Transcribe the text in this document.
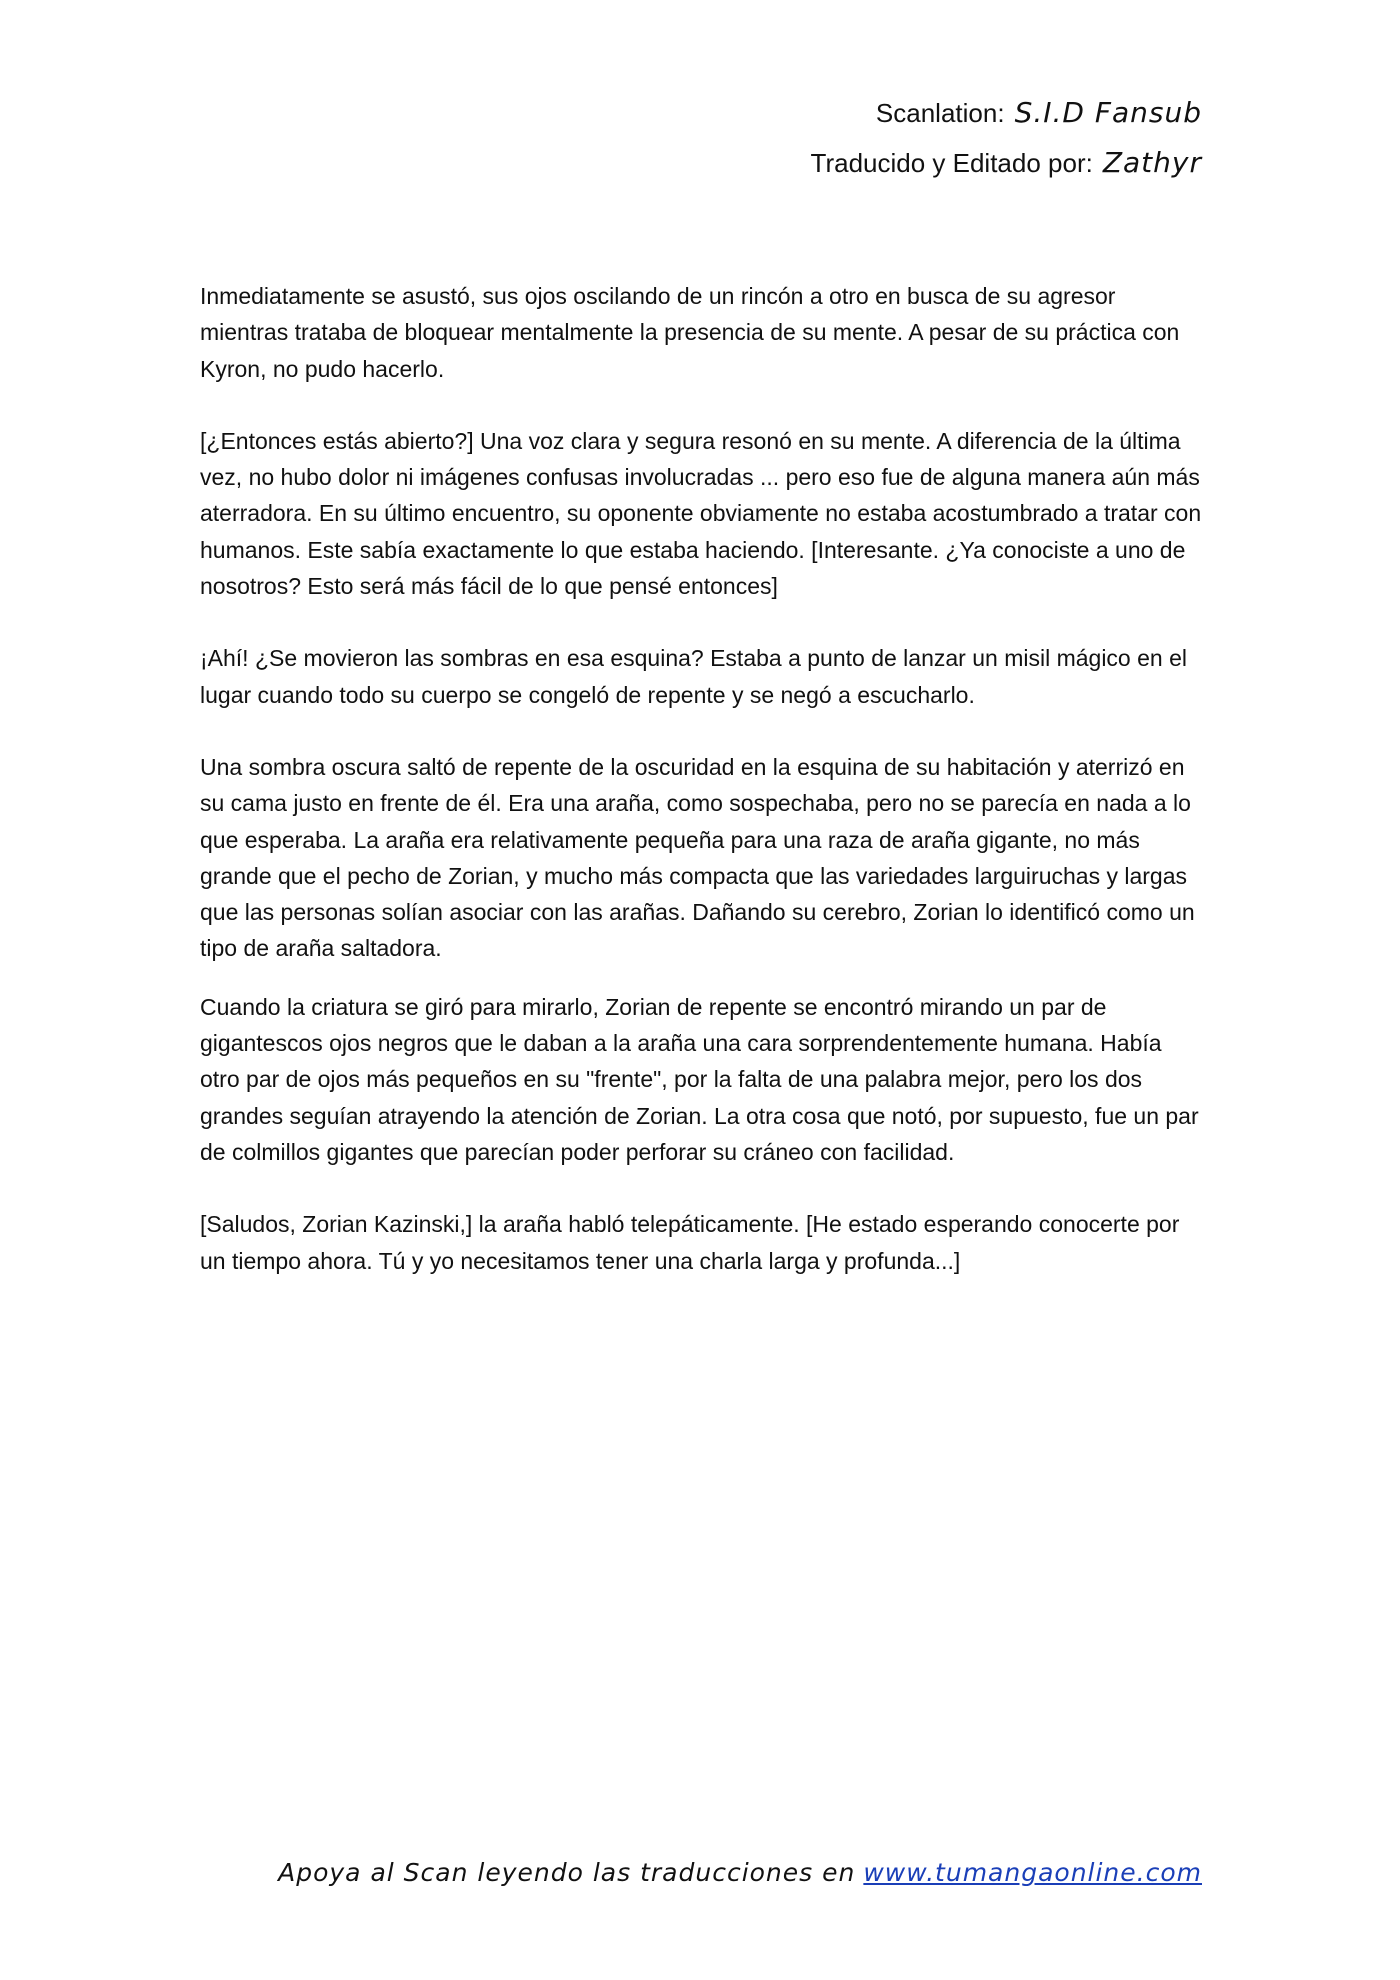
Scanlation: S.I.D Fansub
Traducido y Editado por: Zathyr

Inmediatamente se asustó, sus ojos oscilando de un rincón a otro en busca de su agresor mientras trataba de bloquear mentalmente la presencia de su mente. A pesar de su práctica con Kyron, no pudo hacerlo.

[¿Entonces estás abierto?] Una voz clara y segura resonó en su mente. A diferencia de la última vez, no hubo dolor ni imágenes confusas involucradas ... pero eso fue de alguna manera aún más aterradora. En su último encuentro, su oponente obviamente no estaba acostumbrado a tratar con humanos. Este sabía exactamente lo que estaba haciendo. [Interesante. ¿Ya conociste a uno de nosotros? Esto será más fácil de lo que pensé entonces]

¡Ahí! ¿Se movieron las sombras en esa esquina? Estaba a punto de lanzar un misil mágico en el lugar cuando todo su cuerpo se congeló de repente y se negó a escucharlo.

Una sombra oscura saltó de repente de la oscuridad en la esquina de su habitación y aterrizó en su cama justo en frente de él. Era una araña, como sospechaba, pero no se parecía en nada a lo que esperaba. La araña era relativamente pequeña para una raza de araña gigante, no más grande que el pecho de Zorian, y mucho más compacta que las variedades larguiruchas y largas que las personas solían asociar con las arañas. Dañando su cerebro, Zorian lo identificó como un tipo de araña saltadora.

Cuando la criatura se giró para mirarlo, Zorian de repente se encontró mirando un par de gigantescos ojos negros que le daban a la araña una cara sorprendentemente humana. Había otro par de ojos más pequeños en su "frente", por la falta de una palabra mejor, pero los dos grandes seguían atrayendo la atención de Zorian. La otra cosa que notó, por supuesto, fue un par de colmillos gigantes que parecían poder perforar su cráneo con facilidad.

[Saludos, Zorian Kazinski,] la araña habló telepáticamente. [He estado esperando conocerte por un tiempo ahora. Tú y yo necesitamos tener una charla larga y profunda...]

Apoya al Scan leyendo las traducciones en www.tumangaonline.com
